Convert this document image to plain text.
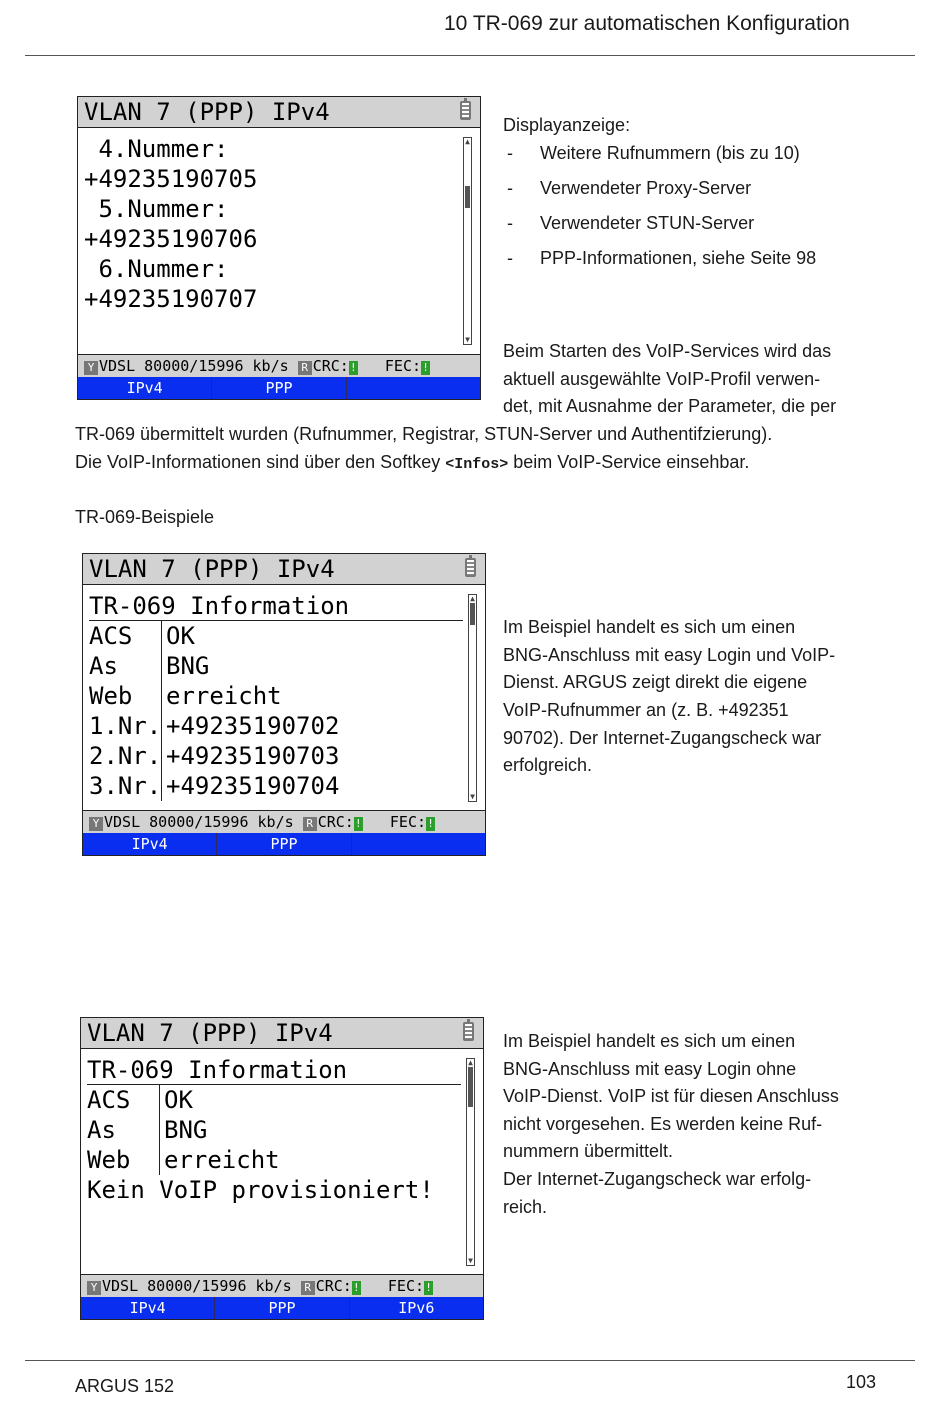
10 TR-069 zur automatischen Konfiguration
VLAN 7 (PPP) IPv4
4.Nummer:
+49235190705
5.Nummer:
+49235190706
6.Nummer:
+49235190707
▲
▼
Y VDSL 80000/15996 kb/s R CRC:! FEC:!
IPv4	PPP
Displayanzeige:
- Weitere Rufnummern (bis zu 10)
- Verwendeter Proxy-Server
- Verwendeter STUN-Server
- PPP-Informationen, siehe Seite 98
Beim Starten des VoIP-Services wird das
aktuell ausgewählte VoIP-Profil verwen-
det, mit Ausnahme der Parameter, die per
TR-069 übermittelt wurden (Rufnummer, Registrar, STUN-Server und Authentifzierung).
Die VoIP-Informationen sind über den Softkey <Infos> beim VoIP-Service einsehbar.
TR-069-Beispiele
VLAN 7 (PPP) IPv4
TR-069 Information
ACS OK
As BNG
Web erreicht
1.Nr. +49235190702
2.Nr. +49235190703
3.Nr. +49235190704
▲
▼
Y VDSL 80000/15996 kb/s R CRC:! FEC:!
IPv4	PPP
Im Beispiel handelt es sich um einen
BNG-Anschluss mit easy Login und VoIP-
Dienst. ARGUS zeigt direkt die eigene
VoIP-Rufnummer an (z. B. +492351
90702). Der Internet-Zugangscheck war
erfolgreich.
VLAN 7 (PPP) IPv4
TR-069 Information
ACS OK
As BNG
Web erreicht
Kein VoIP provisioniert!
▲
▼
Y VDSL 80000/15996 kb/s R CRC:! FEC:!
IPv4	PPP	IPv6
Im Beispiel handelt es sich um einen
BNG-Anschluss mit easy Login ohne
VoIP-Dienst. VoIP ist für diesen Anschluss
nicht vorgesehen. Es werden keine Ruf-
nummern übermittelt.
Der Internet-Zugangscheck war erfolg-
reich.
ARGUS 152	103
